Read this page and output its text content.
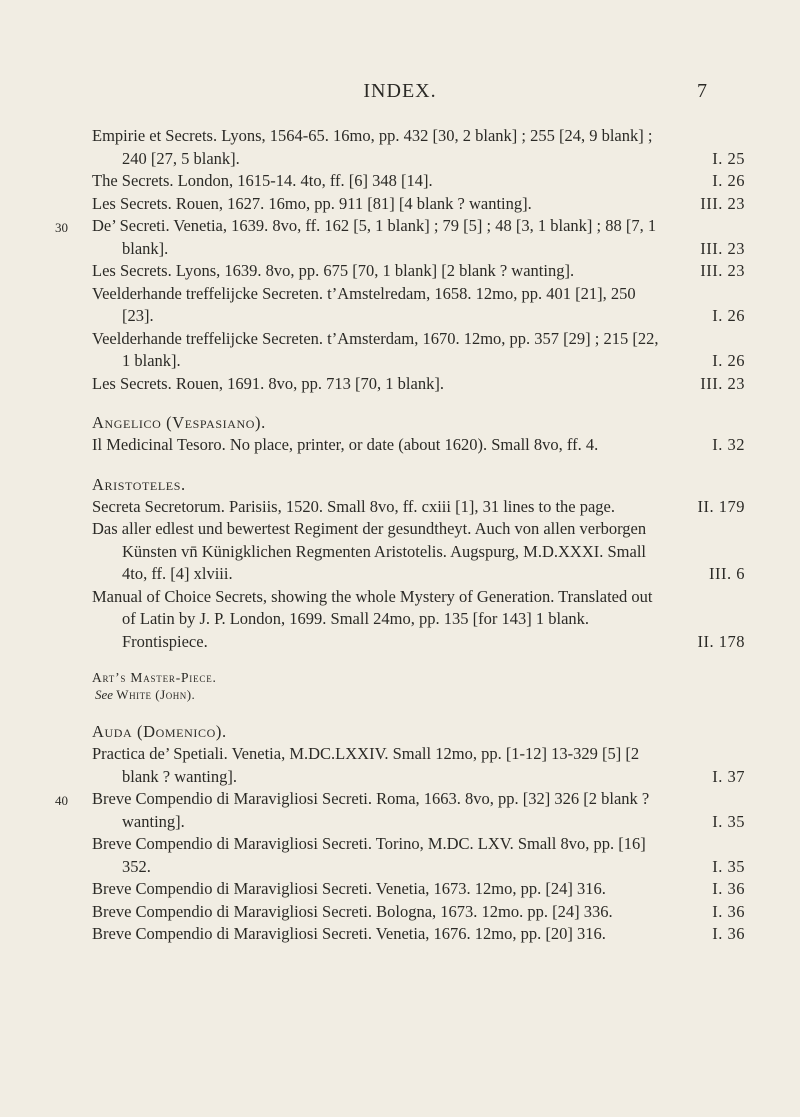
INDEX.	7
Empirie et Secrets. Lyons, 1564-65. 16mo, pp. 432 [30, 2 blank] ; 255 [24, 9 blank] ; 240 [27, 5 blank].	I. 25
The Secrets. London, 1615-14. 4to, ff. [6] 348 [14].	I. 26
Les Secrets. Rouen, 1627. 16mo, pp. 911 [81] [4 blank ? wanting].	III. 23
30 De’ Secreti. Venetia, 1639. 8vo, ff. 162 [5, 1 blank] ; 79 [5] ; 48 [3, 1 blank] ; 88 [7, 1 blank].	III. 23
Les Secrets. Lyons, 1639. 8vo, pp. 675 [70, 1 blank] [2 blank ? wanting].	III. 23
Veelderhande treffelijcke Secreten. t’Amstelredam, 1658. 12mo, pp. 401 [21], 250 [23].	I. 26
Veelderhande treffelijcke Secreten. t’Amsterdam, 1670. 12mo, pp. 357 [29] ; 215 [22, 1 blank].	I. 26
Les Secrets. Rouen, 1691. 8vo, pp. 713 [70, 1 blank].	III. 23
Angelico (Vespasiano).
Il Medicinal Tesoro. No place, printer, or date (about 1620). Small 8vo, ff. 4.	I. 32
Aristoteles.
Secreta Secretorum. Parisiis, 1520. Small 8vo, ff. cxiii [1], 31 lines to the page.	II. 179
Das aller edlest und bewertest Regiment der gesundtheyt. Auch von allen verborgen Künsten vn̄ Künigklichen Regmenten Aristotelis. Augspurg, M.D.XXXI. Small 4to, ff. [4] xlviii.	III. 6
Manual of Choice Secrets, showing the whole Mystery of Generation. Translated out of Latin by J. P. London, 1699. Small 24mo, pp. 135 [for 143] 1 blank. Frontispiece.	II. 178
Art’s Master-Piece.
See White (John).
Auda (Domenico).
Practica de’ Spetiali. Venetia, M.DC.LXXIV. Small 12mo, pp. [1-12] 13-329 [5] [2 blank ? wanting].	I. 37
40 Breve Compendio di Maravigliosi Secreti. Roma, 1663. 8vo, pp. [32] 326 [2 blank ? wanting].	I. 35
Breve Compendio di Maravigliosi Secreti. Torino, M.DC. LXV. Small 8vo, pp. [16] 352.	I. 35
Breve Compendio di Maravigliosi Secreti. Venetia, 1673. 12mo, pp. [24] 316.	I. 36
Breve Compendio di Maravigliosi Secreti. Bologna, 1673. 12mo. pp. [24] 336.	I. 36
Breve Compendio di Maravigliosi Secreti. Venetia, 1676. 12mo, pp. [20] 316.	I. 36
